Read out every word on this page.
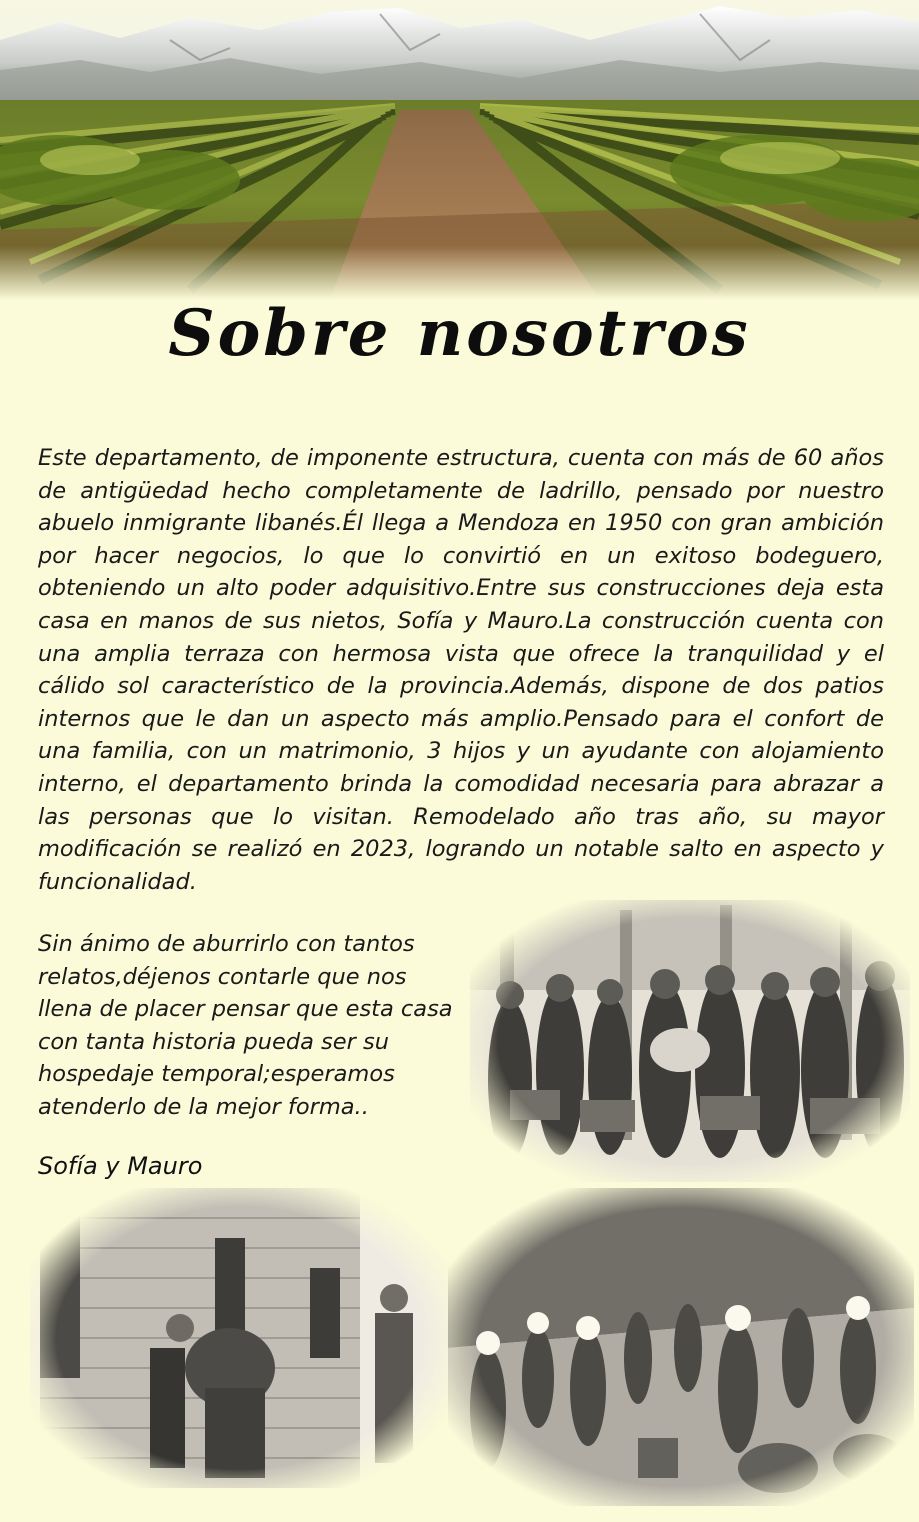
Sobre nosotros

Este departamento, de imponente estructura, cuenta con más de 60 años de antigüedad hecho completamente de ladrillo, pensado por nuestro abuelo inmigrante libanés.Él llega a Mendoza en 1950 con gran ambición por hacer negocios, lo que lo convirtió en un exitoso bodeguero, obteniendo un alto poder adquisitivo.Entre sus construcciones deja esta casa en manos de sus nietos, Sofía y Mauro.La construcción cuenta con una amplia terraza con hermosa vista que ofrece la tranquilidad y el cálido sol característico de la provincia.Además, dispone de dos patios internos que le dan un aspecto más amplio.Pensado para el confort de una familia, con un matrimonio, 3 hijos y un ayudante con alojamiento interno, el departamento brinda la comodidad necesaria para abrazar a las personas que lo visitan. Remodelado año tras año, su mayor modificación se realizó en 2023, logrando un notable salto en aspecto y funcionalidad.

Sin ánimo de aburrirlo con tantos relatos,déjenos contarle que nos llena de placer pensar que esta casa con tanta historia pueda ser su hospedaje temporal;esperamos atenderlo de la mejor forma..

Sofía y Mauro
